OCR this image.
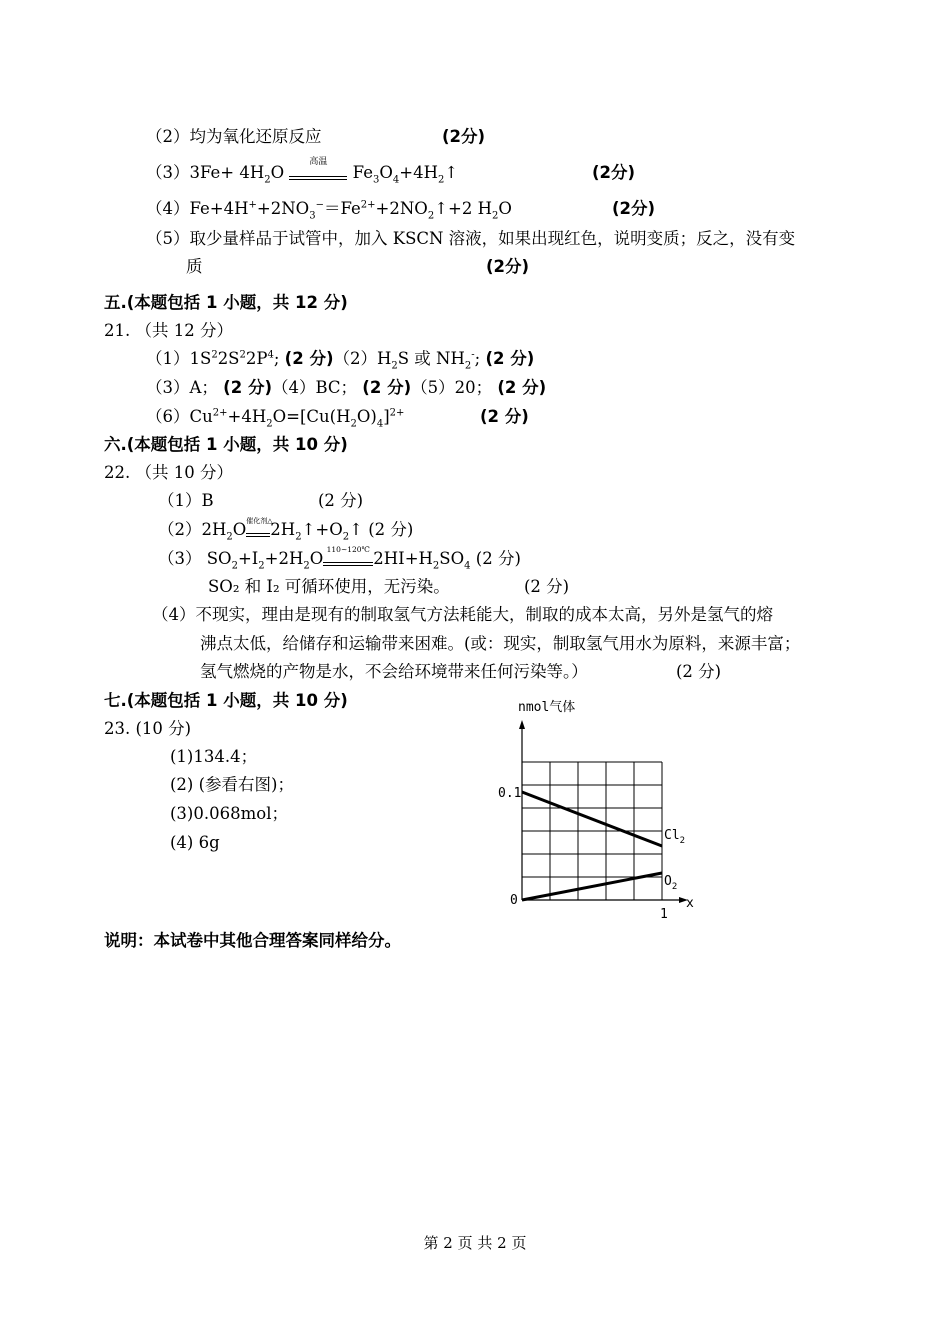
（2）均为氧化还原反应	(2分)
$(3)3Fe+ 4H_2O$
高温
$Fe_3O_4+4H_2↑$	(2分)
$(4)Fe+4H^++2NO_3^-=Fe^{2+}+2NO_2↑+2$ $H_2O$	(2分)
（5）取少量样品于试管中，加入 KSCN 溶液，如果出现红色，说明变质；反之，没有变
质	(2分)
五.(本题包括 1 小题，共 12 分)
21. （共 12 分）
$(1)1S^22S^22P^4$; (2 分)$(2)H_2S$ 或 $NH_2^-$; (2 分)
（3）A； (2 分)（4）BC； (2 分)（5）20； (2 分)
$(6)Cu^{2+}+4H_2O=[Cu(H_2O)_4]^{2+}$	(2 分)
六.(本题包括 1 小题，共 10 分)
22. （共 10 分）
（1）B	(2 分)
$(2)2H_2O$ 催化剂△
$2H_2↑+O_2↑$ (2 分)
（3） $SO_2+I_2+2H_2O$ 110~120℃ $2HI+H_2SO_4$ (2 分)
SO₂ 和 I₂ 可循环使用，无污染。	(2 分)
（4）不现实，理由是现有的制取氢气方法耗能大，制取的成本太高，另外是氢气的熔
沸点太低，给储存和运输带来困难。(或：现实，制取氢气用水为原料，来源丰富；
氢气燃烧的产物是水，不会给环境带来任何污染等。）	(2 分)
七.(本题包括 1 小题，共 10 分)
23. (10 分)
(1)134.4；
(2) (参看右图)；
(3)0.068mol；
(4) 6g
nmol气体
0.1
0
1
x
$Cl_2$
$O_2$
说明：本试卷中其他合理答案同样给分。
第 2 页 共 2 页
